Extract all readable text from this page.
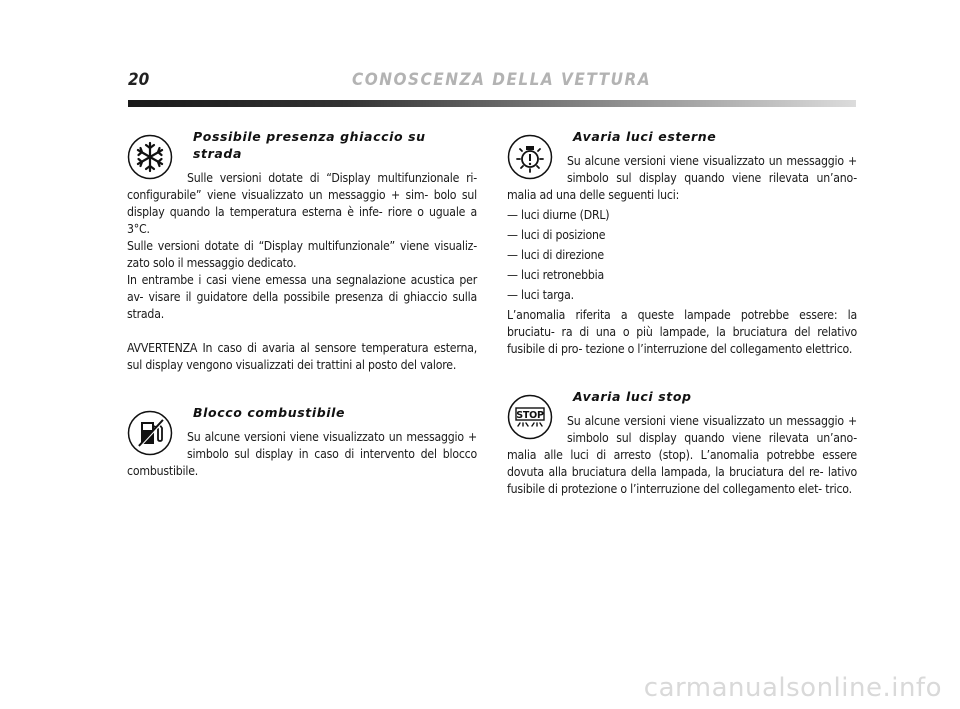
20	CONOSCENZA DELLA VETTURA
Possibile presenza ghiaccio su strada

Sulle versioni dotate di “Display multifunzionale ri- configurabile” viene visualizzato un messaggio + sim- bolo sul display quando la temperatura esterna è infe- riore o uguale a 3°C.

Sulle versioni dotate di “Display multifunzionale” viene visualiz- zato solo il messaggio dedicato.

In entrambe i casi viene emessa una segnalazione acustica per av- visare il guidatore della possibile presenza di ghiaccio sulla strada.

AVVERTENZA In caso di avaria al sensore temperatura esterna, sul display vengono visualizzati dei trattini al posto del valore.

Blocco combustibile

Su alcune versioni viene visualizzato un messaggio + simbolo sul display in caso di intervento del blocco combustibile.

Avaria luci esterne

Su alcune versioni viene visualizzato un messaggio + simbolo sul display quando viene rilevata un’ano- malia ad una delle seguenti luci:

— luci diurne (DRL)

— luci di posizione

— luci di direzione

— luci retronebbia

— luci targa.

L’anomalia riferita a queste lampade potrebbe essere: la bruciatu- ra di una o più lampade, la bruciatura del relativo fusibile di pro- tezione o l’interruzione del collegamento elettrico.

STOP
Avaria luci stop

Su alcune versioni viene visualizzato un messaggio + simbolo sul display quando viene rilevata un’ano- malia alle luci di arresto (stop). L’anomalia potrebbe essere dovuta alla bruciatura della lampada, la bruciatura del re- lativo fusibile di protezione o l’interruzione del collegamento elet- trico.

carmanualsonline.info
